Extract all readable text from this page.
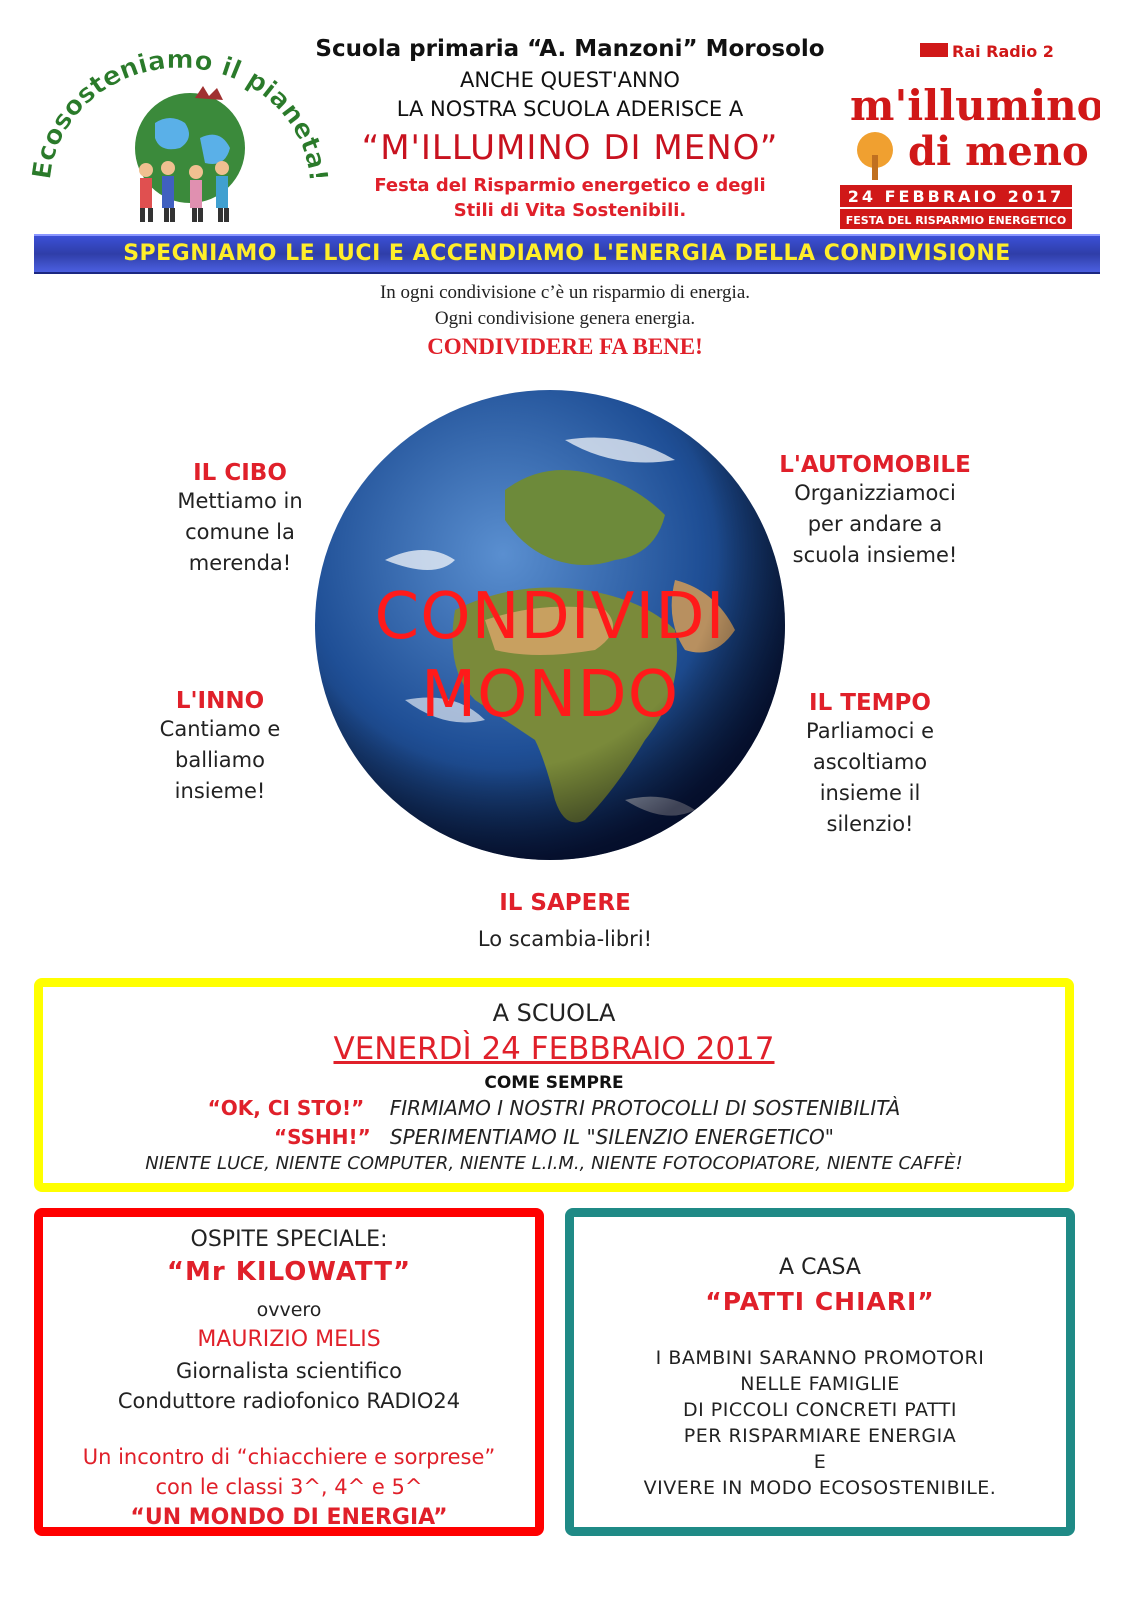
Ecososteniamo il pianeta!
Scuola primaria “A. Manzoni” Morosolo
ANCHE QUEST'ANNO
LA NOSTRA SCUOLA ADERISCE A
“M'ILLUMINO DI MENO”
Festa del Risparmio energetico e degli
Stili di Vita Sostenibili.
Rai Radio 2
m'illumino
di meno
24 FEBBRAIO 2017
FESTA DEL RISPARMIO ENERGETICO
SPEGNIAMO LE LUCI E ACCENDIAMO L'ENERGIA DELLA CONDIVISIONE
In ogni condivisione c’è un risparmio di energia.
Ogni condivisione genera energia.
CONDIVIDERE FA BENE!
CONDIVIDI
MONDO
IL CIBO
Mettiamo in
comune la
merenda!
L'AUTOMOBILE
Organizziamoci
per andare a
scuola insieme!
L'INNO
Cantiamo e
balliamo
insieme!
IL TEMPO
Parliamoci e
ascoltiamo
insieme il
silenzio!
IL SAPERE
Lo scambia-libri!
A SCUOLA
VENERDÌ 24 FEBBRAIO 2017
COME SEMPRE
“OK, CI STO!” FIRMIAMO I NOSTRI PROTOCOLLI DI SOSTENIBILITÀ
“SSHH!” SPERIMENTIAMO IL "SILENZIO ENERGETICO"
NIENTE LUCE, NIENTE COMPUTER, NIENTE L.I.M., NIENTE FOTOCOPIATORE, NIENTE CAFFÈ!
OSPITE SPECIALE:
“Mr KILOWATT”
ovvero
MAURIZIO MELIS
Giornalista scientifico
Conduttore radiofonico RADIO24
Un incontro di “chiacchiere e sorprese”
con le classi 3^, 4^ e 5^
“UN MONDO DI ENERGIA”
A CASA
“PATTI CHIARI”
I BAMBINI SARANNO PROMOTORI
NELLE FAMIGLIE
DI PICCOLI CONCRETI PATTI
PER RISPARMIARE ENERGIA
E
VIVERE IN MODO ECOSOSTENIBILE.
